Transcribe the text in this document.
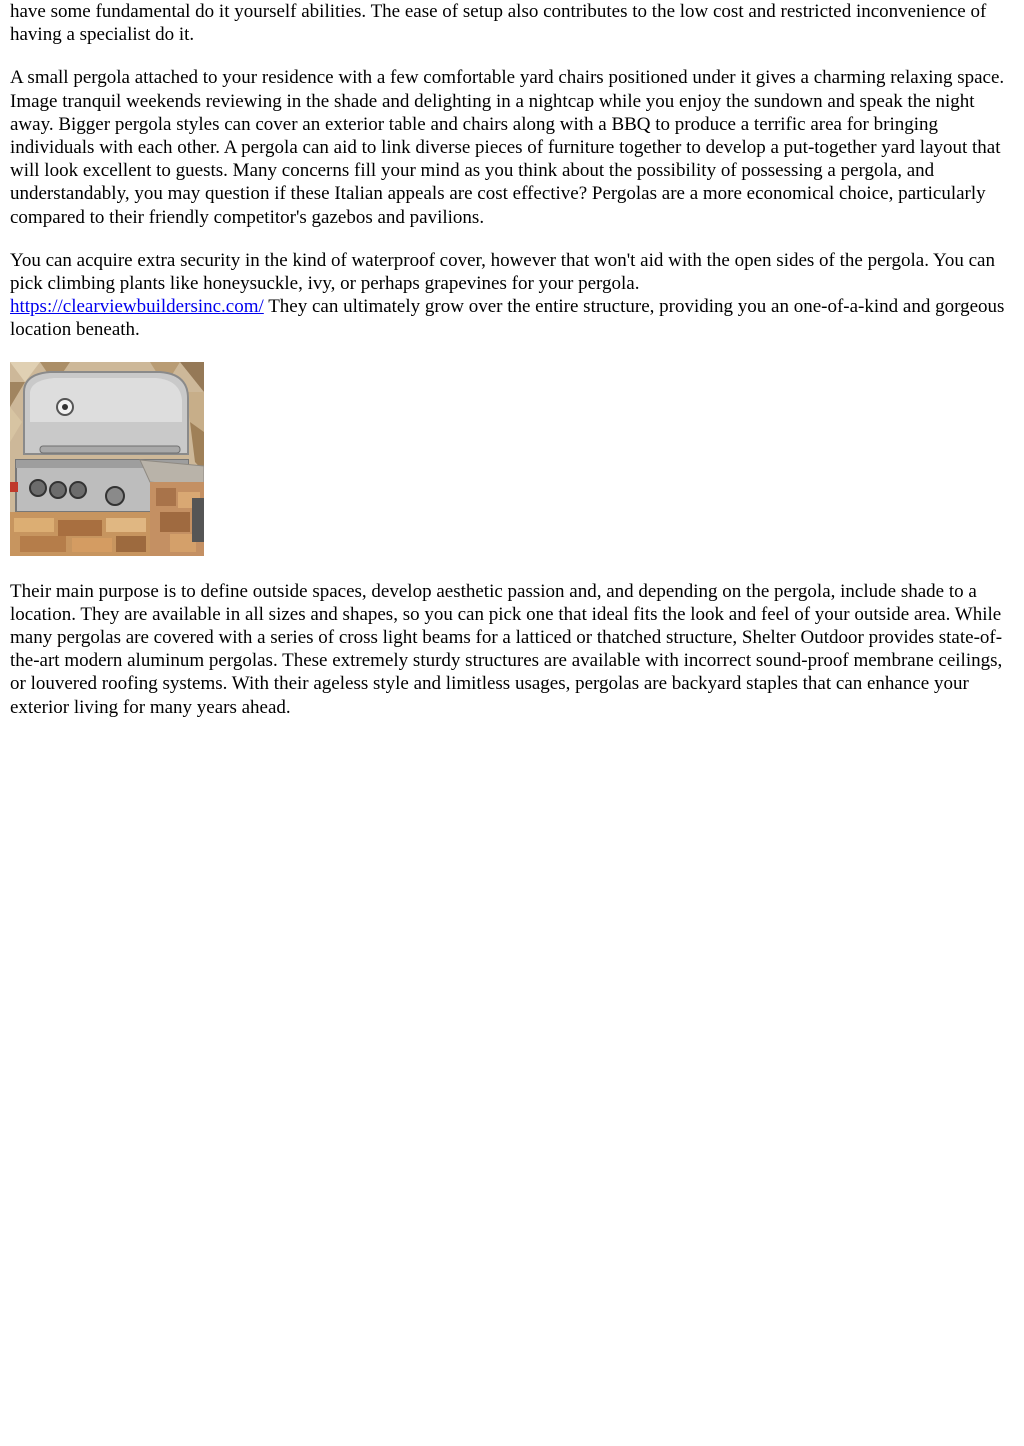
have some fundamental do it yourself abilities. The ease of setup also contributes to the low cost and restricted inconvenience of having a specialist do it.

A small pergola attached to your residence with a few comfortable yard chairs positioned under it gives a charming relaxing space. Image tranquil weekends reviewing in the shade and delighting in a nightcap while you enjoy the sundown and speak the night away. Bigger pergola styles can cover an exterior table and chairs along with a BBQ to produce a terrific area for bringing individuals with each other. A pergola can aid to link diverse pieces of furniture together to develop a put-together yard layout that will look excellent to guests. Many concerns fill your mind as you think about the possibility of possessing a pergola, and understandably, you may question if these Italian appeals are cost effective? Pergolas are a more economical choice, particularly compared to their friendly competitor's gazebos and pavilions.

You can acquire extra security in the kind of waterproof cover, however that won't aid with the open sides of the pergola. You can pick climbing plants like honeysuckle, ivy, or perhaps grapevines for your pergola.
https://clearviewbuildersinc.com/ They can ultimately grow over the entire structure, providing you an one-of-a-kind and gorgeous location beneath.

Their main purpose is to define outside spaces, develop aesthetic passion and, and depending on the pergola, include shade to a location. They are available in all sizes and shapes, so you can pick one that ideal fits the look and feel of your outside area. While many pergolas are covered with a series of cross light beams for a latticed or thatched structure, Shelter Outdoor provides state-of-the-art modern aluminum pergolas. These extremely sturdy structures are available with incorrect sound-proof membrane ceilings, or louvered roofing systems. With their ageless style and limitless usages, pergolas are backyard staples that can enhance your exterior living for many years ahead.
